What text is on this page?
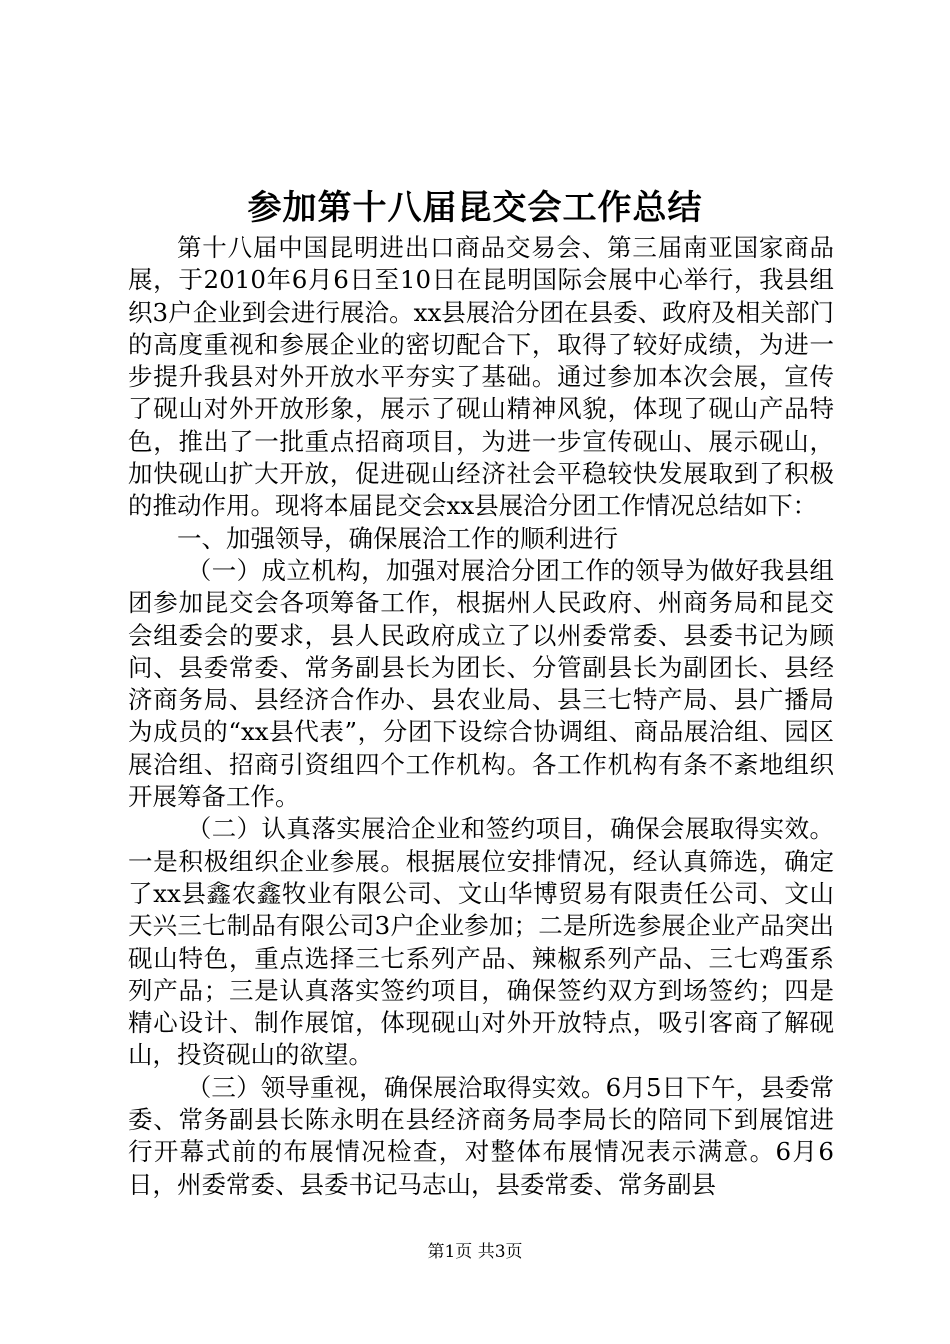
参加第十八届昆交会工作总结

第十八届中国昆明进出口商品交易会、第三届南亚国家商品展，于2010年6月6日至10日在昆明国际会展中心举行，我县组织3户企业到会进行展洽。xx县展洽分团在县委、政府及相关部门的高度重视和参展企业的密切配合下，取得了较好成绩，为进一步提升我县对外开放水平夯实了基础。通过参加本次会展，宣传了砚山对外开放形象，展示了砚山精神风貌，体现了砚山产品特色，推出了一批重点招商项目，为进一步宣传砚山、展示砚山，加快砚山扩大开放，促进砚山经济社会平稳较快发展取到了积极的推动作用。现将本届昆交会xx县展洽分团工作情况总结如下：

一、加强领导，确保展洽工作的顺利进行

（一）成立机构，加强对展洽分团工作的领导为做好我县组团参加昆交会各项筹备工作，根据州人民政府、州商务局和昆交会组委会的要求，县人民政府成立了以州委常委、县委书记为顾问、县委常委、常务副县长为团长、分管副县长为副团长、县经济商务局、县经济合作办、县农业局、县三七特产局、县广播局为成员的“xx县代表”，分团下设综合协调组、商品展洽组、园区展洽组、招商引资组四个工作机构。各工作机构有条不紊地组织开展筹备工作。

（二）认真落实展洽企业和签约项目，确保会展取得实效。一是积极组织企业参展。根据展位安排情况，经认真筛选，确定了xx县鑫农鑫牧业有限公司、文山华博贸易有限责任公司、文山天兴三七制品有限公司3户企业参加；二是所选参展企业产品突出砚山特色，重点选择三七系列产品、辣椒系列产品、三七鸡蛋系列产品；三是认真落实签约项目，确保签约双方到场签约；四是精心设计、制作展馆，体现砚山对外开放特点，吸引客商了解砚山，投资砚山的欲望。

（三）领导重视，确保展洽取得实效。6月5日下午，县委常委、常务副县长陈永明在县经济商务局李局长的陪同下到展馆进行开幕式前的布展情况检查，对整体布展情况表示满意。6月6日，州委常委、县委书记马志山，县委常委、常务副县

第1页 共3页
